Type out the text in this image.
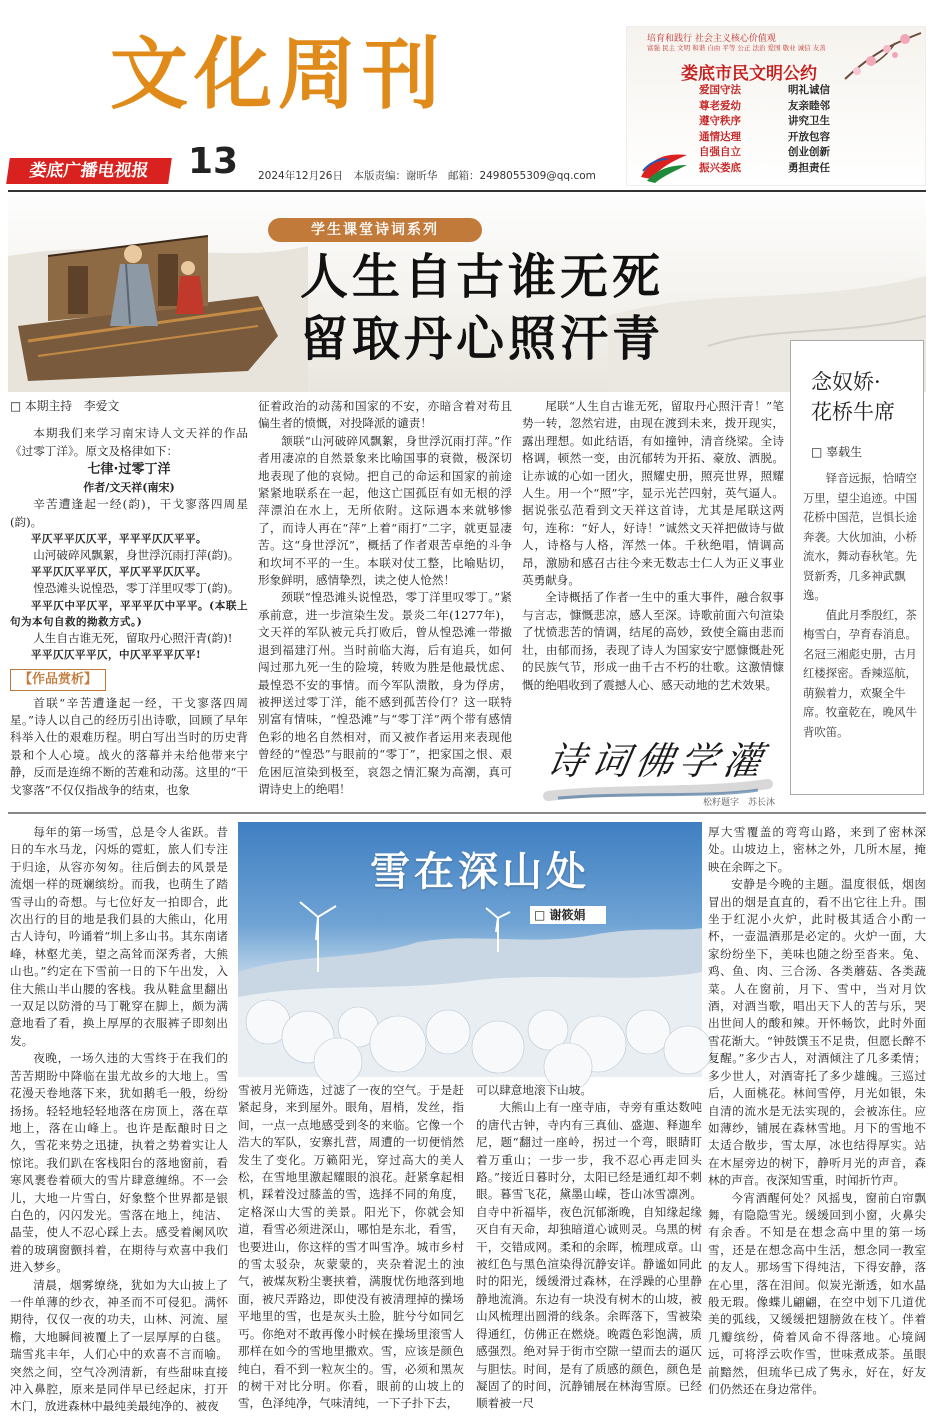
文化周刊
娄底广播电视报	13 2024年12月26日　本版责编：谢昕华　邮箱：2498055309@qq.com
培育和践行 社会主义核心价值观
富强 民主 文明 和谐 自由 平等 公正 法治 爱国 敬业 诚信 友善
娄底市民文明公约
爱国守法	明礼诚信
尊老爱幼	友亲睦邻
遵守秩序	讲究卫生
通情达理	开放包容
自强自立	创业创新
振兴娄底	勇担责任
学生课堂诗词系列
人生自古谁无死
留取丹心照汗青
□ 本期主持　李爱文

本期我们来学习南宋诗人文天祥的作品《过零丁洋》。原文及格律如下：

七律·过零丁洋
作者/文天祥(南宋)
辛苦遭逢起一经(韵)，干戈寥落四周星(韵)。
平仄平平仄仄平，平平平仄仄平平。
山河破碎风飘絮，身世浮沉雨打萍(韵)。
平平仄仄平平仄，平仄平平仄仄平。
惶恐滩头说惶恐，零丁洋里叹零丁(韵)。
平平仄中平仄平，平平平仄中平平。(本联上句为本句自救的拗救方式。)
人生自古谁无死，留取丹心照汗青(韵)!
平平仄仄平平仄，中仄平平平仄平!
【作品赏析】

首联“辛苦遭逢起一经，干戈寥落四周星。”诗人以自己的经历引出诗歌，回顾了早年科举入仕的艰难历程。明白写出当时的历史背景和个人心境。战火的落幕并未给他带来宁静，反而是连绵不断的苦难和动荡。这里的“干戈寥落”不仅仅指战争的结束，也象

征着政治的动荡和国家的不安，亦暗含着对苟且偏生者的愤慨，对投降派的谴责！

颔联“山河破碎风飘絮，身世浮沉雨打萍。”作者用凄凉的自然景象来比喻国事的衰微，极深切地表现了他的哀恸。把自己的命运和国家的前途紧紧地联系在一起，他这亡国孤臣有如无根的浮萍漂泊在水上，无所依附。这际遇本来就够惨了，而诗人再在“萍”上着“雨打”二字，就更显凄苦。这“身世浮沉”，概括了作者艰苦卓绝的斗争和坎坷不平的一生。本联对仗工整，比喻贴切，形象鲜明，感情挚烈，读之使人怆然！

颈联“惶恐滩头说惶恐，零丁洋里叹零丁。”紧承前意，进一步渲染生发。景炎二年(1277年)，文天祥的军队被元兵打败后，曾从惶恐滩一带撤退到福建汀州。当时前临大海，后有追兵，如何闯过那九死一生的险境，转败为胜是他最忧虑、最惶恐不安的事情。而今军队溃散，身为俘虏，被押送过零丁洋，能不感到孤苦伶仃？这一联特别富有情味，“惶恐滩”与“零丁洋”两个带有感情色彩的地名自然相对，而又被作者运用来表现他曾经的“惶恐”与眼前的“零丁”，把家国之恨、艰危困厄渲染到极至，哀怨之情汇聚为高潮，真可谓诗史上的绝唱！

尾联“人生自古谁无死，留取丹心照汗青！”笔势一转，忽然宕进，由现在渡到未来，拨开现实，露出理想。如此结语，有如撞钟，清音绕梁。全诗格调，顿然一变，由沉郁转为开拓、豪放、洒脱。让赤诚的心如一团火，照耀史册，照亮世界，照耀人生。用一个“照”字，显示光芒四射，英气逼人。据说张弘范看到文天祥这首诗，尤其是尾联这两句，连称：“好人，好诗！”诚然文天祥把做诗与做人，诗格与人格，浑然一体。千秋绝唱，情调高昂，激励和感召古往今来无数志士仁人为正义事业英勇献身。

全诗概括了作者一生中的重大事件，融合叙事与言志，慷慨悲凉，感人至深。诗歌前面六句渲染了忧愤悲苦的情调，结尾的高妙，致使全篇由悲而壮，由郁而扬，表现了诗人为国家安宁愿慷慨赴死的民族气节，形成一曲千古不朽的壮歌。这激情慷慨的绝唱收到了震撼人心、感天动地的艺术效果。

诗词佛学灌
松籽题字　苏长沐
念奴娇·
花桥牛席
□ 辜载生

铎音远振，恰晴空万里，望尘追迹。中国花桥中国范，岂惧长途奔袭。大伙加油，小桥流水，舞动春秋笔。先贤新秀，几多神武飘逸。

值此月季殷红，茶梅雪白，孕育春消息。名冠三湘彪史册，古月红楼探密。香辣巡航，萌猴着力，欢聚全牛席。牧童乾在，晚风牛背吹笛。

雪在深山处
□ 谢筱娟

每年的第一场雪，总是令人雀跃。昔日的车水马龙，闪烁的霓虹，旅人们专注于归途，从容亦匆匆。往后倒去的风景是流烟一样的斑斓缤纷。而我，也萌生了踏雪寻山的奇想。与七位好友一拍即合，此次出行的目的地是我们县的大熊山，化用古人诗句，吟诵着“圳上多山书。其东南诸峰，林壑尤美，望之高耸而深秀者，大熊山也。”约定在下雪前一日的下午出发，入住大熊山半山腰的客栈。我从鞋盒里翻出一双足以防滑的马丁靴穿在脚上，颇为满意地看了看，换上厚厚的衣服裤子即刻出发。

夜晚，一场久违的大雪终于在我们的苦苦期盼中降临在蚩尤故乡的大地上。雪花漫天卷地落下来，犹如鹅毛一般，纷纷扬扬。轻轻地轻轻地落在房顶上，落在草地上，落在山峰上。也许是酝酿时日之久，雪花来势之迅捷，执着之势着实让人惊诧。我们趴在客栈阳台的落地窗前，看寒风裹卷着硕大的雪片肆意缠绵。不一会儿，大地一片雪白，好象整个世界都是银白色的，闪闪发光。雪落在地上，纯洁、晶莹，使人不忍心踩上去。感受着阑风吹着的玻璃窗颤抖着，在期待与欢喜中我们进入梦乡。

清晨，烟雾缭绕，犹如为大山披上了一件单薄的纱衣，神圣而不可侵犯。满怀期待，仅仅一夜的功夫，山林、河流、屋檐，大地瞬间被覆上了一层厚厚的白毯。瑞雪兆丰年，人们心中的欢喜不言而喻。突然之间，空气冷冽清新，有些甜味直接冲入鼻腔，原来是同伴早已经起床，打开木门，放进森林中最纯美最纯净的、被夜

雪被月光筛选，过滤了一夜的空气。于是赶紧起身，来到屋外。眼角，眉梢，发丝，指间，一点一点地感受到冬的来临。它像一个浩大的军队，安寨扎营，周遭的一切便悄然发生了变化。万籁阳光，穿过高大的美人松，在雪地里激起耀眼的浪花。赶紧拿起相机，踩着没过膝盖的雪，选择不同的角度，定格深山大雪的美景。阳光下，你就会知道，看雪必须进深山，哪怕是东北，看雪，也要进山，你这样的雪才叫雪净。城市乡村的雪太驳杂，灰蒙蒙的，夹杂着泥土的浊气，被煤灰粉尘裹挟着，满腹忧伤地落到地面，被尺弄路边，即使没有被清理掉的操场平地里的雪，也是灰头土脸，脏兮兮如同乞丐。你绝对不敢再像小时候在操场里滚雪人那样在如今的雪地里撒欢。雪，应该是颜色纯白，看不到一粒灰尘的。雪，必须和黑灰的树干对比分明。你看，眼前的山坡上的雪，色泽纯净，气味清纯，一下子扑下去，

可以肆意地滚下山坡。

大熊山上有一座寺庙，寺旁有重达数吨的唐代古钟，寺内有三真仙、盛迦、释迦牟尼，题“翻过一座岭，拐过一个弯，眼睛盯着万重山；一步一步，我不忍心再走回头路。”接近日暮时分，太阳已经是通红却不刺眼。暮雪飞花，黛墨山嵘，苍山冰雪凛冽。自寺中祈福毕，夜色沉郁渐晚，自知缘起缘灭自有天命，却独暗道心诚则灵。乌黑的树干，交错成网。柔和的余晖，梳理成章。山被红色与黑色渲染得沉静安详。静谧如同此时的阳光，缓缓滑过森林，在浮躁的心里静静地流淌。东边有一块没有树木的山坡，被山风梳理出圆滑的线条。余晖落下，雪被染得通红，仿佛正在燃烧。晚霞色彩饱满，质感强烈。绝对异于街市空隙一望而去的逼仄与胆怯。时间，是有了质感的颜色，颜色是凝固了的时间，沉静铺展在林海雪原。已经顺着被一尺

厚大雪覆盖的弯弯山路，来到了密林深处。山坡边上，密林之外，几所木屋，掩映在余晖之下。

安静是今晚的主题。温度很低，烟囱冒出的烟是直直的，看不出它往上升。围坐于红泥小火炉，此时极其适合小酌一杯，一壶温酒那是必定的。火炉一面，大家纷纷坐下，美味也随之纷至沓来。兔、鸡、鱼、肉、三合汤、各类蘑菇、各类蔬菜。人在窗前，月下、雪中，当对月饮酒，对酒当歌，唱出天下人的苦与乐，哭出世间人的酸和辣。开怀畅饮，此时外面雪花渐大。“钟鼓馔玉不足贵，但愿长醉不复醒。”多少古人，对酒倾注了几多柔情；多少世人，对酒寄托了多少雄魄。三巡过后，人面桃花。林间雪停，月光如银，朱自清的流水是无法实现的，会被冻住。应如薄纱，铺展在森林雪地。月下的雪地不太适合散步，雪太厚，冰也结得厚实。站在木屋旁边的树下，静听月光的声音，森林的声音。夜深知雪重，时闻折竹声。

今宵酒醒何处？风摇曳，窗前白帘飘舞，有隐隐雪光。缓缓回到小窗，火鼻尖有余香。不知是在想念高中里的第一场雪，还是在想念高中生活，想念同一教室的友人。那场雪下得纯洁，下得安静，落在心里，落在泪间。似炭光渐透，如水晶般无瑕。像蝶儿翩翩，在空中划下几道优美的弧线，又缓缓把翅膀敛在枝丫。伴着几瓣缤纷，倚着风命不得落地。心境阔远，可将浮云吹作雪，世味煮成茶。虽眼前黯然，但琉华已成了隽永，好在，好友们仍然还在身边常伴。
